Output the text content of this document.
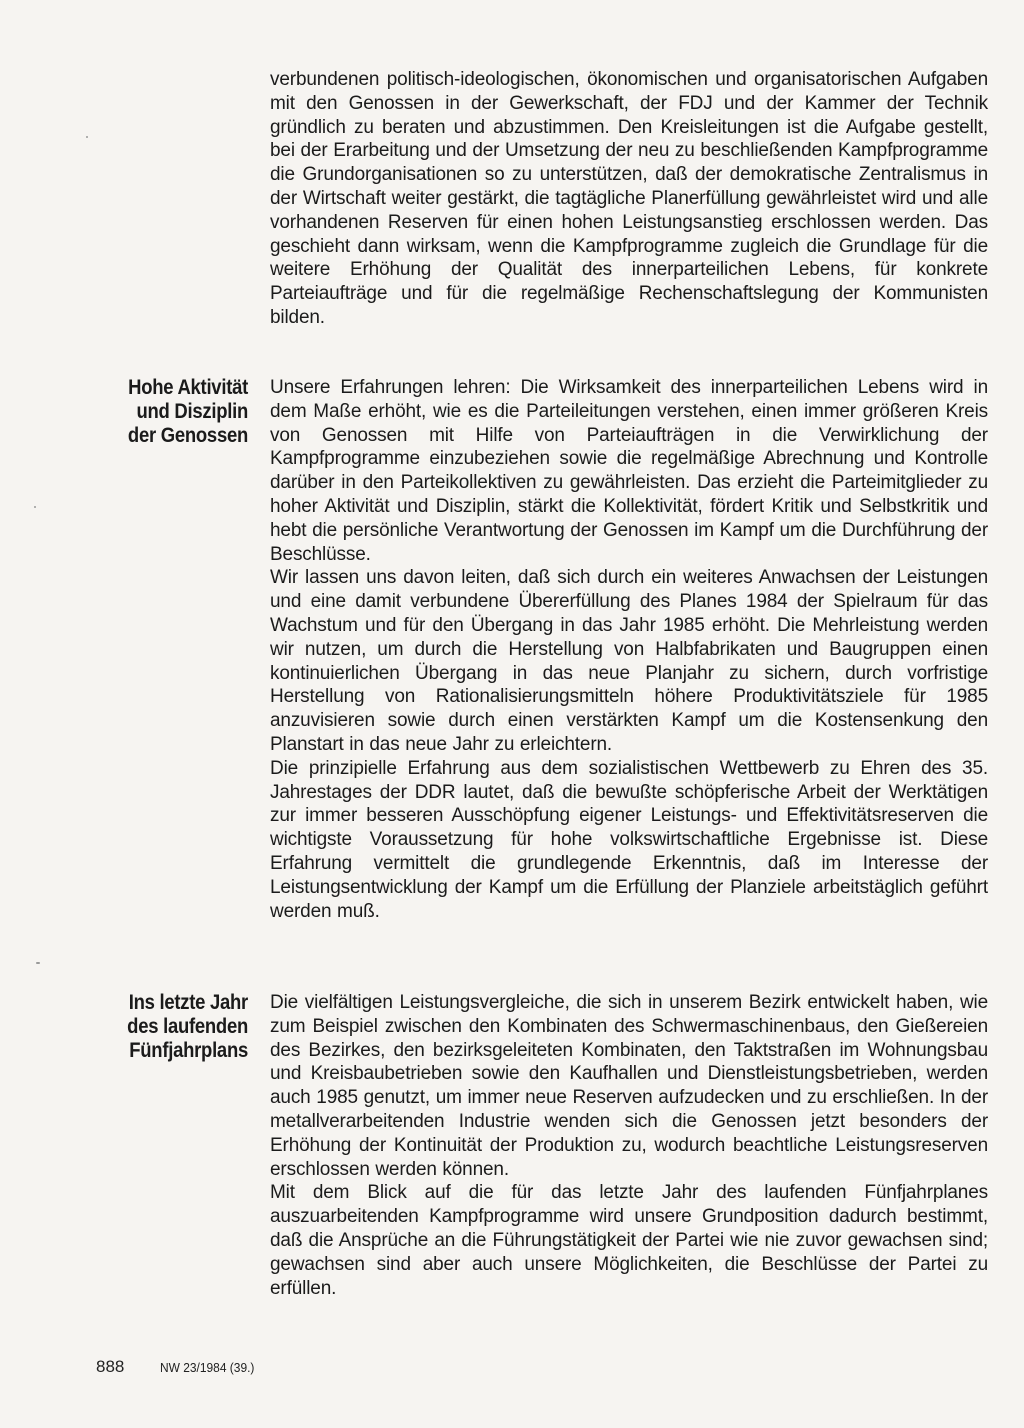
verbundenen politisch-ideologischen, ökonomischen und organisatorischen Aufgaben mit den Genossen in der Gewerkschaft, der FDJ und der Kammer der Technik gründlich zu beraten und abzustimmen. Den Kreisleitungen ist die Aufgabe gestellt, bei der Erarbeitung und der Umsetzung der neu zu beschließenden Kampfprogramme die Grundorganisationen so zu unterstützen, daß der demokratische Zentralismus in der Wirtschaft weiter gestärkt, die tagtägliche Planerfüllung gewährleistet wird und alle vorhandenen Reserven für einen hohen Leistungsanstieg erschlossen werden. Das geschieht dann wirksam, wenn die Kampfprogramme zugleich die Grundlage für die weitere Erhöhung der Qualität des innerparteilichen Lebens, für konkrete Parteiaufträge und für die regelmäßige Rechenschaftslegung der Kommunisten bilden.

Hohe Aktivität
und Disziplin
der Genossen

Unsere Erfahrungen lehren: Die Wirksamkeit des innerparteilichen Lebens wird in dem Maße erhöht, wie es die Parteileitungen verstehen, einen immer größeren Kreis von Genossen mit Hilfe von Parteiaufträgen in die Verwirklichung der Kampfprogramme einzubeziehen sowie die regelmäßige Abrechnung und Kontrolle darüber in den Parteikollektiven zu gewährleisten. Das erzieht die Parteimitglieder zu hoher Aktivität und Disziplin, stärkt die Kollektivität, fördert Kritik und Selbstkritik und hebt die persönliche Verantwortung der Genossen im Kampf um die Durchführung der Beschlüsse.

Wir lassen uns davon leiten, daß sich durch ein weiteres Anwachsen der Leistungen und eine damit verbundene Übererfüllung des Planes 1984 der Spielraum für das Wachstum und für den Übergang in das Jahr 1985 erhöht. Die Mehrleistung werden wir nutzen, um durch die Herstellung von Halbfabrikaten und Baugruppen einen kontinuierlichen Übergang in das neue Planjahr zu sichern, durch vorfristige Herstellung von Rationalisierungsmitteln höhere Produktivitätsziele für 1985 anzuvisieren sowie durch einen verstärkten Kampf um die Kostensenkung den Planstart in das neue Jahr zu erleichtern.

Die prinzipielle Erfahrung aus dem sozialistischen Wettbewerb zu Ehren des 35. Jahrestages der DDR lautet, daß die bewußte schöpferische Arbeit der Werktätigen zur immer besseren Ausschöpfung eigener Leistungs- und Effektivitätsreserven die wichtigste Voraussetzung für hohe volkswirtschaftliche Ergebnisse ist. Diese Erfahrung vermittelt die grundlegende Erkenntnis, daß im Interesse der Leistungsentwicklung der Kampf um die Erfüllung der Planziele arbeitstäglich geführt werden muß.

Ins letzte Jahr
des laufenden
Fünfjahrplans

Die vielfältigen Leistungsvergleiche, die sich in unserem Bezirk entwickelt haben, wie zum Beispiel zwischen den Kombinaten des Schwermaschinenbaus, den Gießereien des Bezirkes, den bezirksgeleiteten Kombinaten, den Taktstraßen im Wohnungsbau und Kreisbaubetrieben sowie den Kaufhallen und Dienstleistungsbetrieben, werden auch 1985 genutzt, um immer neue Reserven aufzudecken und zu erschließen. In der metallverarbeitenden Industrie wenden sich die Genossen jetzt besonders der Erhöhung der Kontinuität der Produktion zu, wodurch beachtliche Leistungsreserven erschlossen werden können.

Mit dem Blick auf die für das letzte Jahr des laufenden Fünfjahrplanes auszuarbeitenden Kampfprogramme wird unsere Grundposition dadurch bestimmt, daß die Ansprüche an die Führungstätigkeit der Partei wie nie zuvor gewachsen sind; gewachsen sind aber auch unsere Möglichkeiten, die Beschlüsse der Partei zu erfüllen.

888	NW 23/1984 (39.)
